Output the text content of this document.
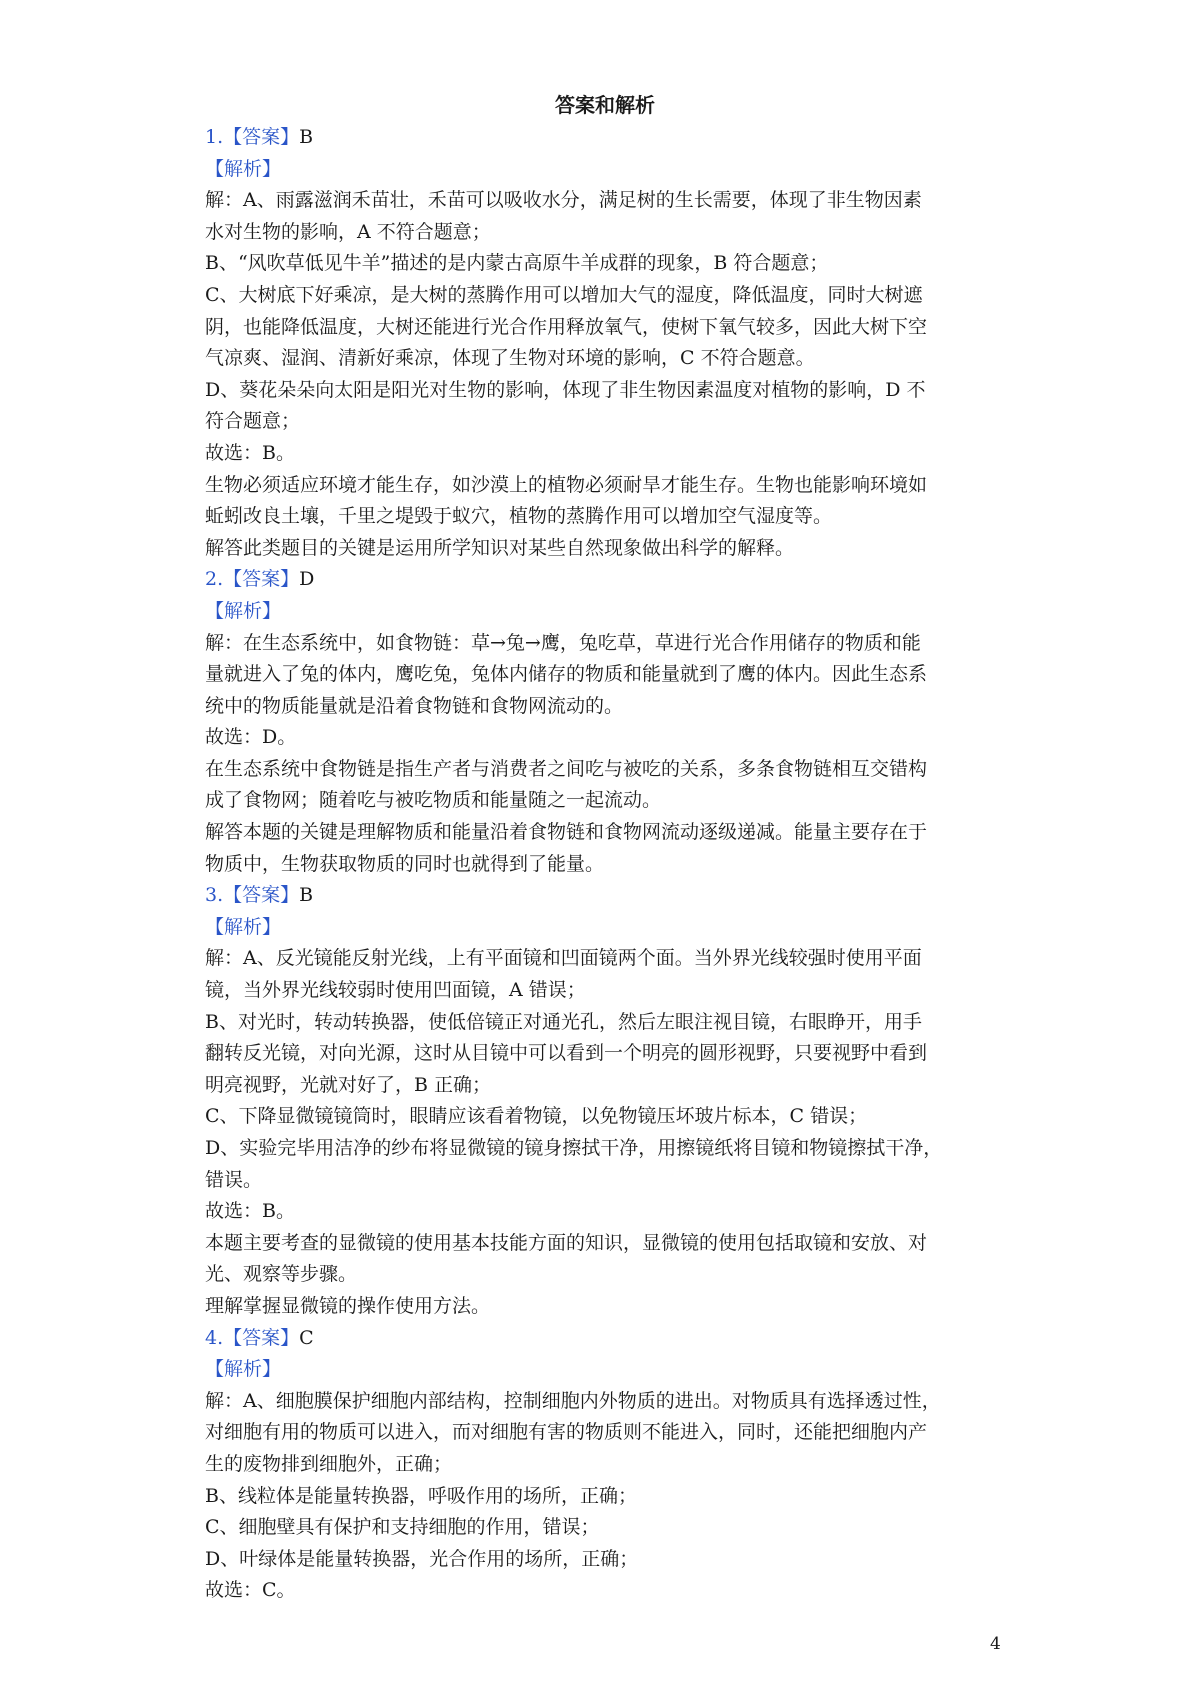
答案和解析
1.【答案】B
【解析】
解：A、雨露滋润禾苗壮，禾苗可以吸收水分，满足树的生长需要，体现了非生物因素
水对生物的影响，A 不符合题意；
B、“风吹草低见牛羊”描述的是内蒙古高原牛羊成群的现象，B 符合题意；
C、大树底下好乘凉，是大树的蒸腾作用可以增加大气的湿度，降低温度，同时大树遮
阴，也能降低温度，大树还能进行光合作用释放氧气，使树下氧气较多，因此大树下空
气凉爽、湿润、清新好乘凉，体现了生物对环境的影响，C 不符合题意。
D、葵花朵朵向太阳是阳光对生物的影响，体现了非生物因素温度对植物的影响，D 不
符合题意；
故选：B。
生物必须适应环境才能生存，如沙漠上的植物必须耐旱才能生存。生物也能影响环境如
蚯蚓改良土壤，千里之堤毁于蚁穴，植物的蒸腾作用可以增加空气湿度等。
解答此类题目的关键是运用所学知识对某些自然现象做出科学的解释。
2.【答案】D
【解析】
解：在生态系统中，如食物链：草→兔→鹰，兔吃草，草进行光合作用储存的物质和能
量就进入了兔的体内，鹰吃兔，兔体内储存的物质和能量就到了鹰的体内。因此生态系
统中的物质能量就是沿着食物链和食物网流动的。
故选：D。
在生态系统中食物链是指生产者与消费者之间吃与被吃的关系，多条食物链相互交错构
成了食物网；随着吃与被吃物质和能量随之一起流动。
解答本题的关键是理解物质和能量沿着食物链和食物网流动逐级递减。能量主要存在于
物质中，生物获取物质的同时也就得到了能量。
3.【答案】B
【解析】
解：A、反光镜能反射光线，上有平面镜和凹面镜两个面。当外界光线较强时使用平面
镜，当外界光线较弱时使用凹面镜，A 错误；
B、对光时，转动转换器，使低倍镜正对通光孔，然后左眼注视目镜，右眼睁开，用手
翻转反光镜，对向光源，这时从目镜中可以看到一个明亮的圆形视野，只要视野中看到
明亮视野，光就对好了，B 正确；
C、下降显微镜镜筒时，眼睛应该看着物镜，以免物镜压坏玻片标本，C 错误；
D、实验完毕用洁净的纱布将显微镜的镜身擦拭干净，用擦镜纸将目镜和物镜擦拭干净，
错误。
故选：B。
本题主要考查的显微镜的使用基本技能方面的知识，显微镜的使用包括取镜和安放、对
光、观察等步骤。
理解掌握显微镜的操作使用方法。
4.【答案】C
【解析】
解：A、细胞膜保护细胞内部结构，控制细胞内外物质的进出。对物质具有选择透过性，
对细胞有用的物质可以进入，而对细胞有害的物质则不能进入，同时，还能把细胞内产
生的废物排到细胞外，正确；
B、线粒体是能量转换器，呼吸作用的场所，正确；
C、细胞壁具有保护和支持细胞的作用，错误；
D、叶绿体是能量转换器，光合作用的场所，正确；
故选：C。
4
